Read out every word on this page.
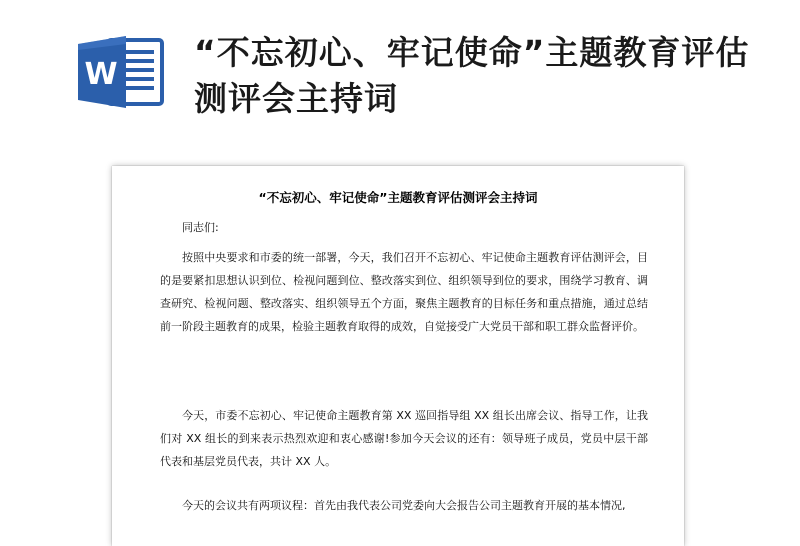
W
“不忘初心、牢记使命”主题教育评估测评会主持词
“不忘初心、牢记使命”主题教育评估测评会主持词
同志们:
按照中央要求和市委的统一部署，今天，我们召开不忘初心、牢记使命主题教育评估测评会，目的是要紧扣思想认识到位、检视问题到位、整改落实到位、组织领导到位的要求，围绕学习教育、调查研究、检视问题、整改落实、组织领导五个方面，聚焦主题教育的目标任务和重点措施，通过总结前一阶段主题教育的成果，检验主题教育取得的成效，自觉接受广大党员干部和职工群众监督评价。
今天，市委不忘初心、牢记使命主题教育第 XX 巡回指导组 XX 组长出席会议、指导工作，让我们对 XX 组长的到来表示热烈欢迎和衷心感谢!参加今天会议的还有：领导班子成员，党员中层干部代表和基层党员代表，共计 XX 人。
今天的会议共有两项议程：首先由我代表公司党委向大会报告公司主题教育开展的基本情况,
